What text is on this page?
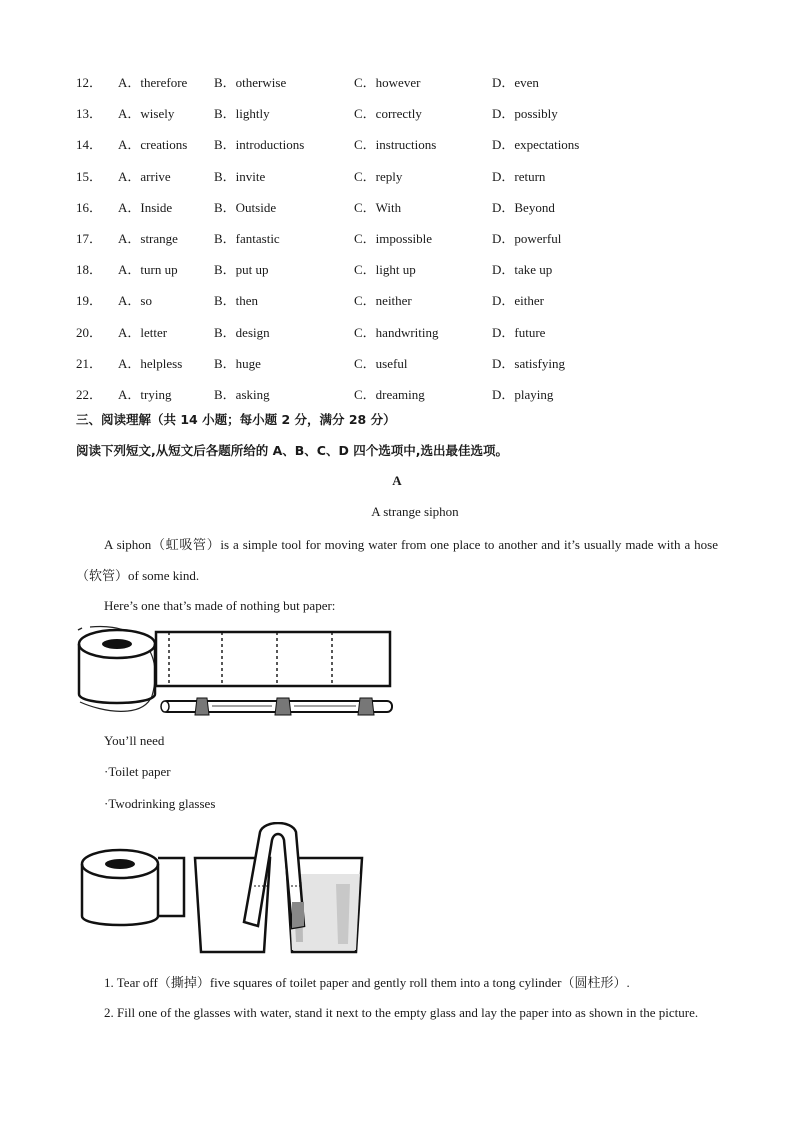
12．	A．therefore	B．otherwise	C．however	D．even
13．	A．wisely	B．lightly	C．correctly	D．possibly
14．	A．creations	B．introductions	C．instructions	D．expectations
15．	A．arrive	B．invite	C．reply	D．return
16．	A．Inside	B．Outside	C．With	D．Beyond
17．	A．strange	B．fantastic	C．impossible	D．powerful
18．	A．turn up	B．put up	C．light up	D．take up
19．	A．so	B．then	C．neither	D．either
20．	A．letter	B．design	C．handwriting	D．future
21．	A．helpless	B．huge	C．useful	D．satisfying
22．	A．trying	B．asking	C．dreaming	D．playing
三、阅读理解（共 14 小题；每小题 2 分，满分 28 分）
阅读下列短文,从短文后各题所给的 A、B、C、D 四个选项中,选出最佳选项。
A
A strange siphon
A siphon（虹吸管）is a simple tool for moving water from one place to another and it’s usually made with a hose（软管）of some kind.
Here’s one that’s made of nothing but paper:
You’ll need
·Toilet paper
·Twodrinking glasses
1. Tear off（撕掉）five squares of toilet paper and gently roll them into a tong cylinder（圆柱形）.
2. Fill one of the glasses with water, stand it next to the empty glass and lay the paper into as shown in the picture.
